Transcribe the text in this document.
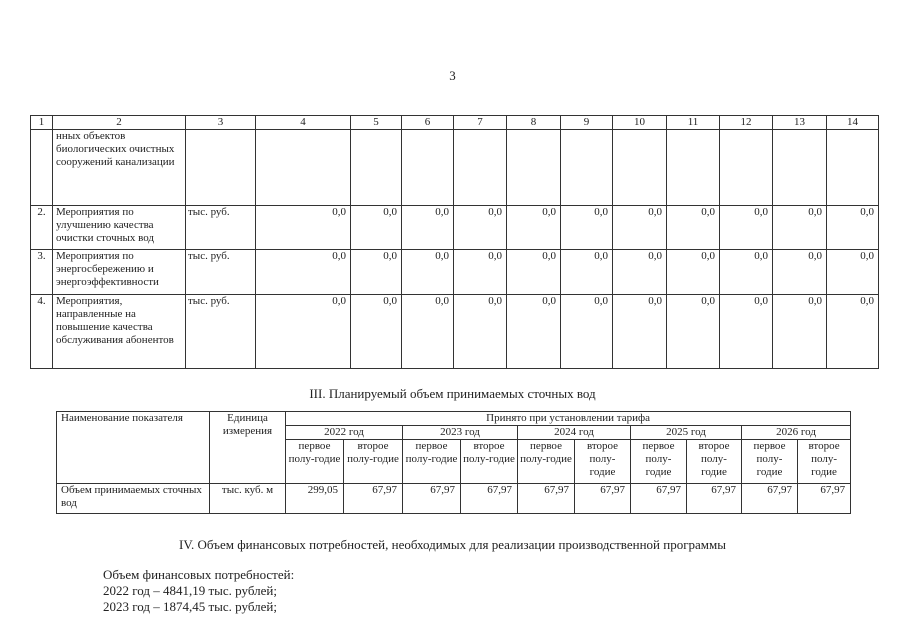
3
1	2	3	4	5	6	7	8	9	10	11	12	13	14
	нных объектов биологических очистных сооружений канализации												
2.	Мероприятия по улучшению качества очистки сточных вод	тыс. руб.	0,0	0,0	0,0	0,0	0,0	0,0	0,0	0,0	0,0	0,0	0,0
3.	Мероприятия по энергосбережению и энергоэффективности	тыс. руб.	0,0	0,0	0,0	0,0	0,0	0,0	0,0	0,0	0,0	0,0	0,0
4.	Мероприятия, направленные на повышение качества обслуживания абонентов	тыс. руб.	0,0	0,0	0,0	0,0	0,0	0,0	0,0	0,0	0,0	0,0	0,0
III. Планируемый объем принимаемых сточных вод
Наименование показателя	Единица измерения	Принято при установлении тарифа									
		2022 год		2023 год		2024 год		2025 год		2026 год	
		первое полу-годие	второе полу-годие	первое полу-годие	второе полу-годие	первое полу-годие	второе полу-годие	первое полу-годие	второе полу-годие	первое полу-годие	второе полу-годие
Объем принимаемых сточных вод	тыс. куб. м	299,05	67,97	67,97	67,97	67,97	67,97	67,97	67,97	67,97	67,97
IV. Объем финансовых потребностей, необходимых для реализации производственной программы
Объем финансовых потребностей:
2022 год – 4841,19 тыс. рублей;
2023 год – 1874,45 тыс. рублей;
